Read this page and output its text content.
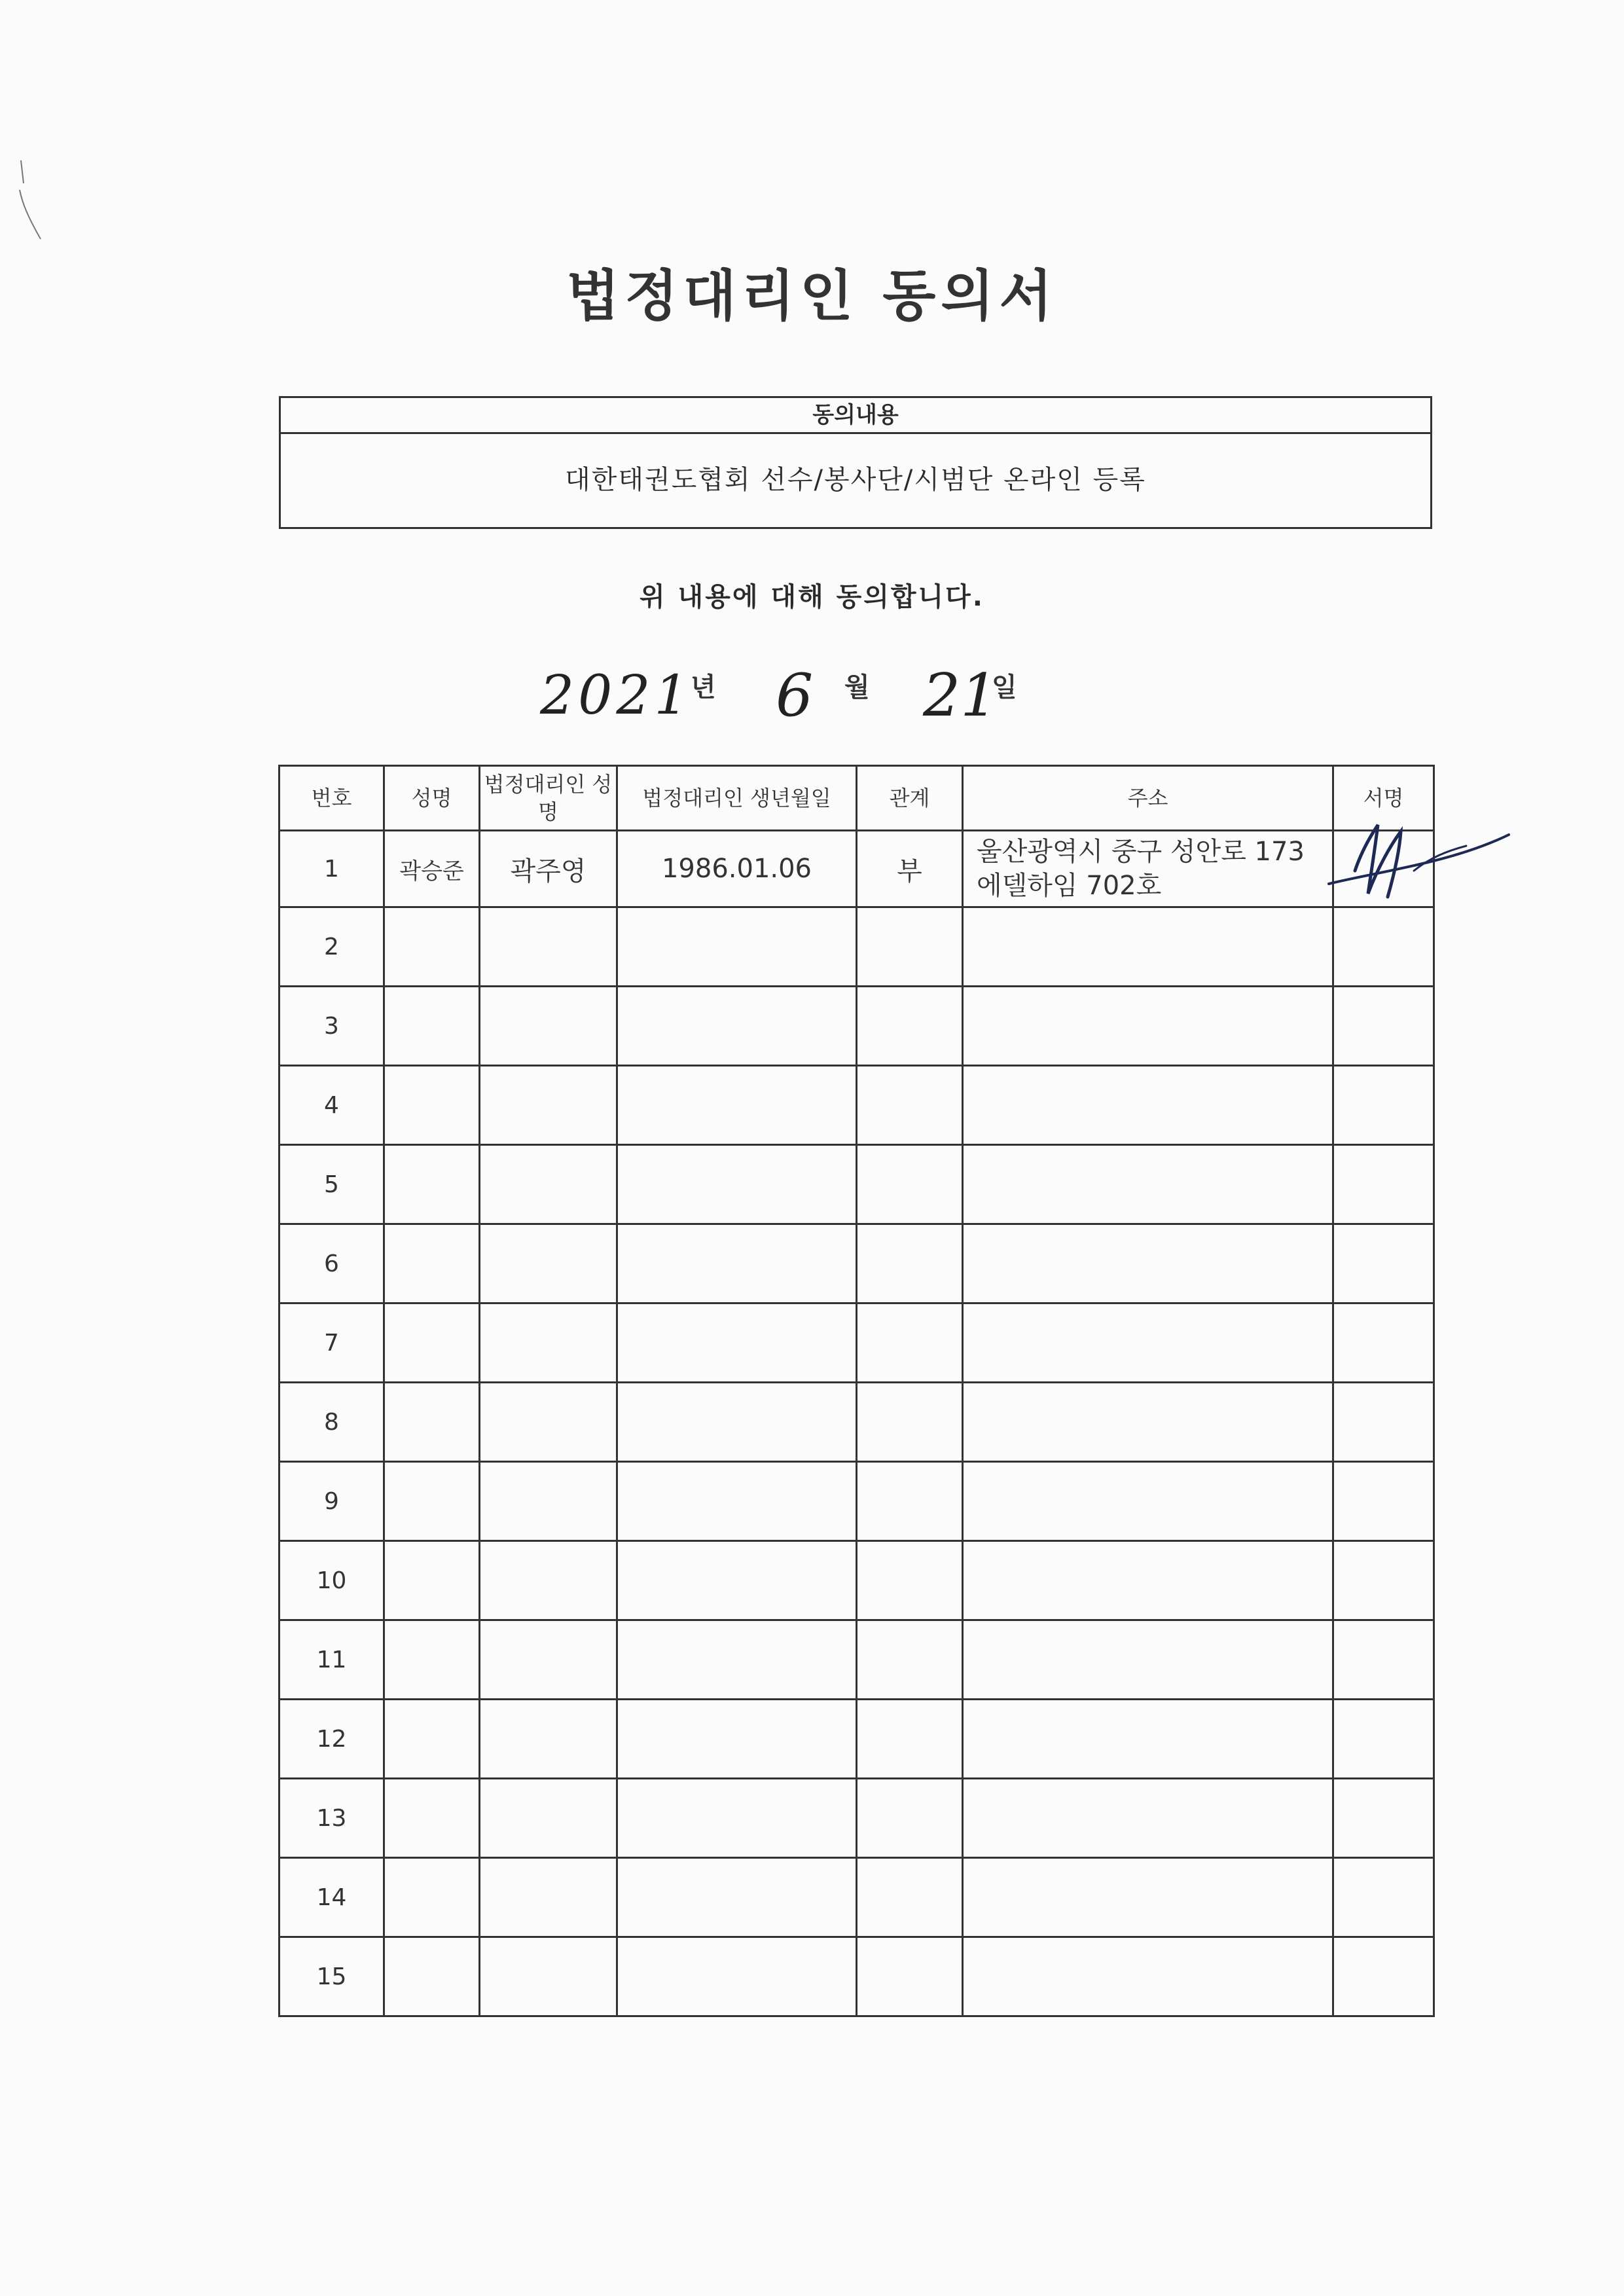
법정대리인 동의서
동의내용
대한태권도협회 선수/봉사단/시범단 온라인 등록
위 내용에 대해 동의합니다.
2021
년 6 월 21
일
번호	성명	법정대리인 성명	법정대리인 생년월일	관계	주소	서명
1	곽승준	곽주영	1986.01.06	부	울산광역시 중구 성안로 173 에델하임 702호	
2						
3						
4						
5						
6						
7						
8						
9						
10						
11						
12						
13						
14						
15						
